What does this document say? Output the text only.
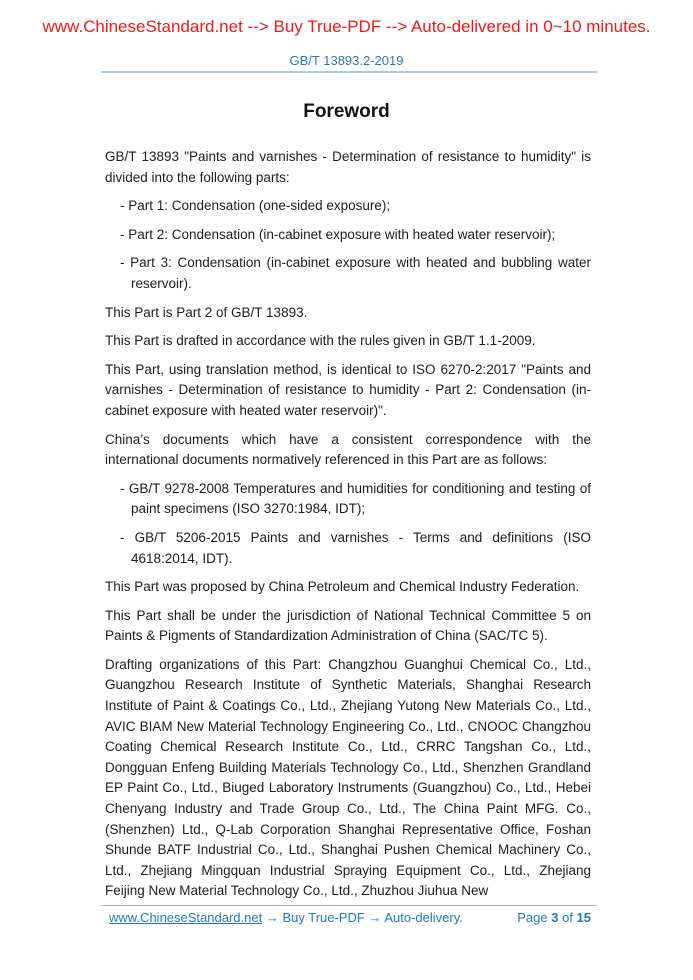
www.ChineseStandard.net --> Buy True-PDF --> Auto-delivered in 0~10 minutes.
GB/T 13893.2-2019
Foreword

GB/T 13893 "Paints and varnishes - Determination of resistance to humidity" is divided into the following parts:

- Part 1: Condensation (one-sided exposure);
- Part 2: Condensation (in-cabinet exposure with heated water reservoir);
- Part 3: Condensation (in-cabinet exposure with heated and bubbling water reservoir).

This Part is Part 2 of GB/T 13893.

This Part is drafted in accordance with the rules given in GB/T 1.1-2009.

This Part, using translation method, is identical to ISO 6270-2:2017 "Paints and varnishes - Determination of resistance to humidity - Part 2: Condensation (in-cabinet exposure with heated water reservoir)".

China’s documents which have a consistent correspondence with the international documents normatively referenced in this Part are as follows:

- GB/T 9278-2008 Temperatures and humidities for conditioning and testing of paint specimens (ISO 3270:1984, IDT);
- GB/T 5206-2015 Paints and varnishes - Terms and definitions (ISO 4618:2014, IDT).

This Part was proposed by China Petroleum and Chemical Industry Federation.

This Part shall be under the jurisdiction of National Technical Committee 5 on Paints & Pigments of Standardization Administration of China (SAC/TC 5).

Drafting organizations of this Part: Changzhou Guanghui Chemical Co., Ltd., Guangzhou Research Institute of Synthetic Materials, Shanghai Research Institute of Paint & Coatings Co., Ltd., Zhejiang Yutong New Materials Co., Ltd., AVIC BIAM New Material Technology Engineering Co., Ltd., CNOOC Changzhou Coating Chemical Research Institute Co., Ltd., CRRC Tangshan Co., Ltd., Dongguan Enfeng Building Materials Technology Co., Ltd., Shenzhen Grandland EP Paint Co., Ltd., Biuged Laboratory Instruments (Guangzhou) Co., Ltd., Hebei Chenyang Industry and Trade Group Co., Ltd., The China Paint MFG. Co., (Shenzhen) Ltd., Q-Lab Corporation Shanghai Representative Office, Foshan Shunde BATF Industrial Co., Ltd., Shanghai Pushen Chemical Machinery Co., Ltd., Zhejiang Mingquan Industrial Spraying Equipment Co., Ltd., Zhejiang Feijing New Material Technology Co., Ltd., Zhuzhou Jiuhua New

www.ChineseStandard.net → Buy True-PDF → Auto-delivery.	Page 3 of 15
